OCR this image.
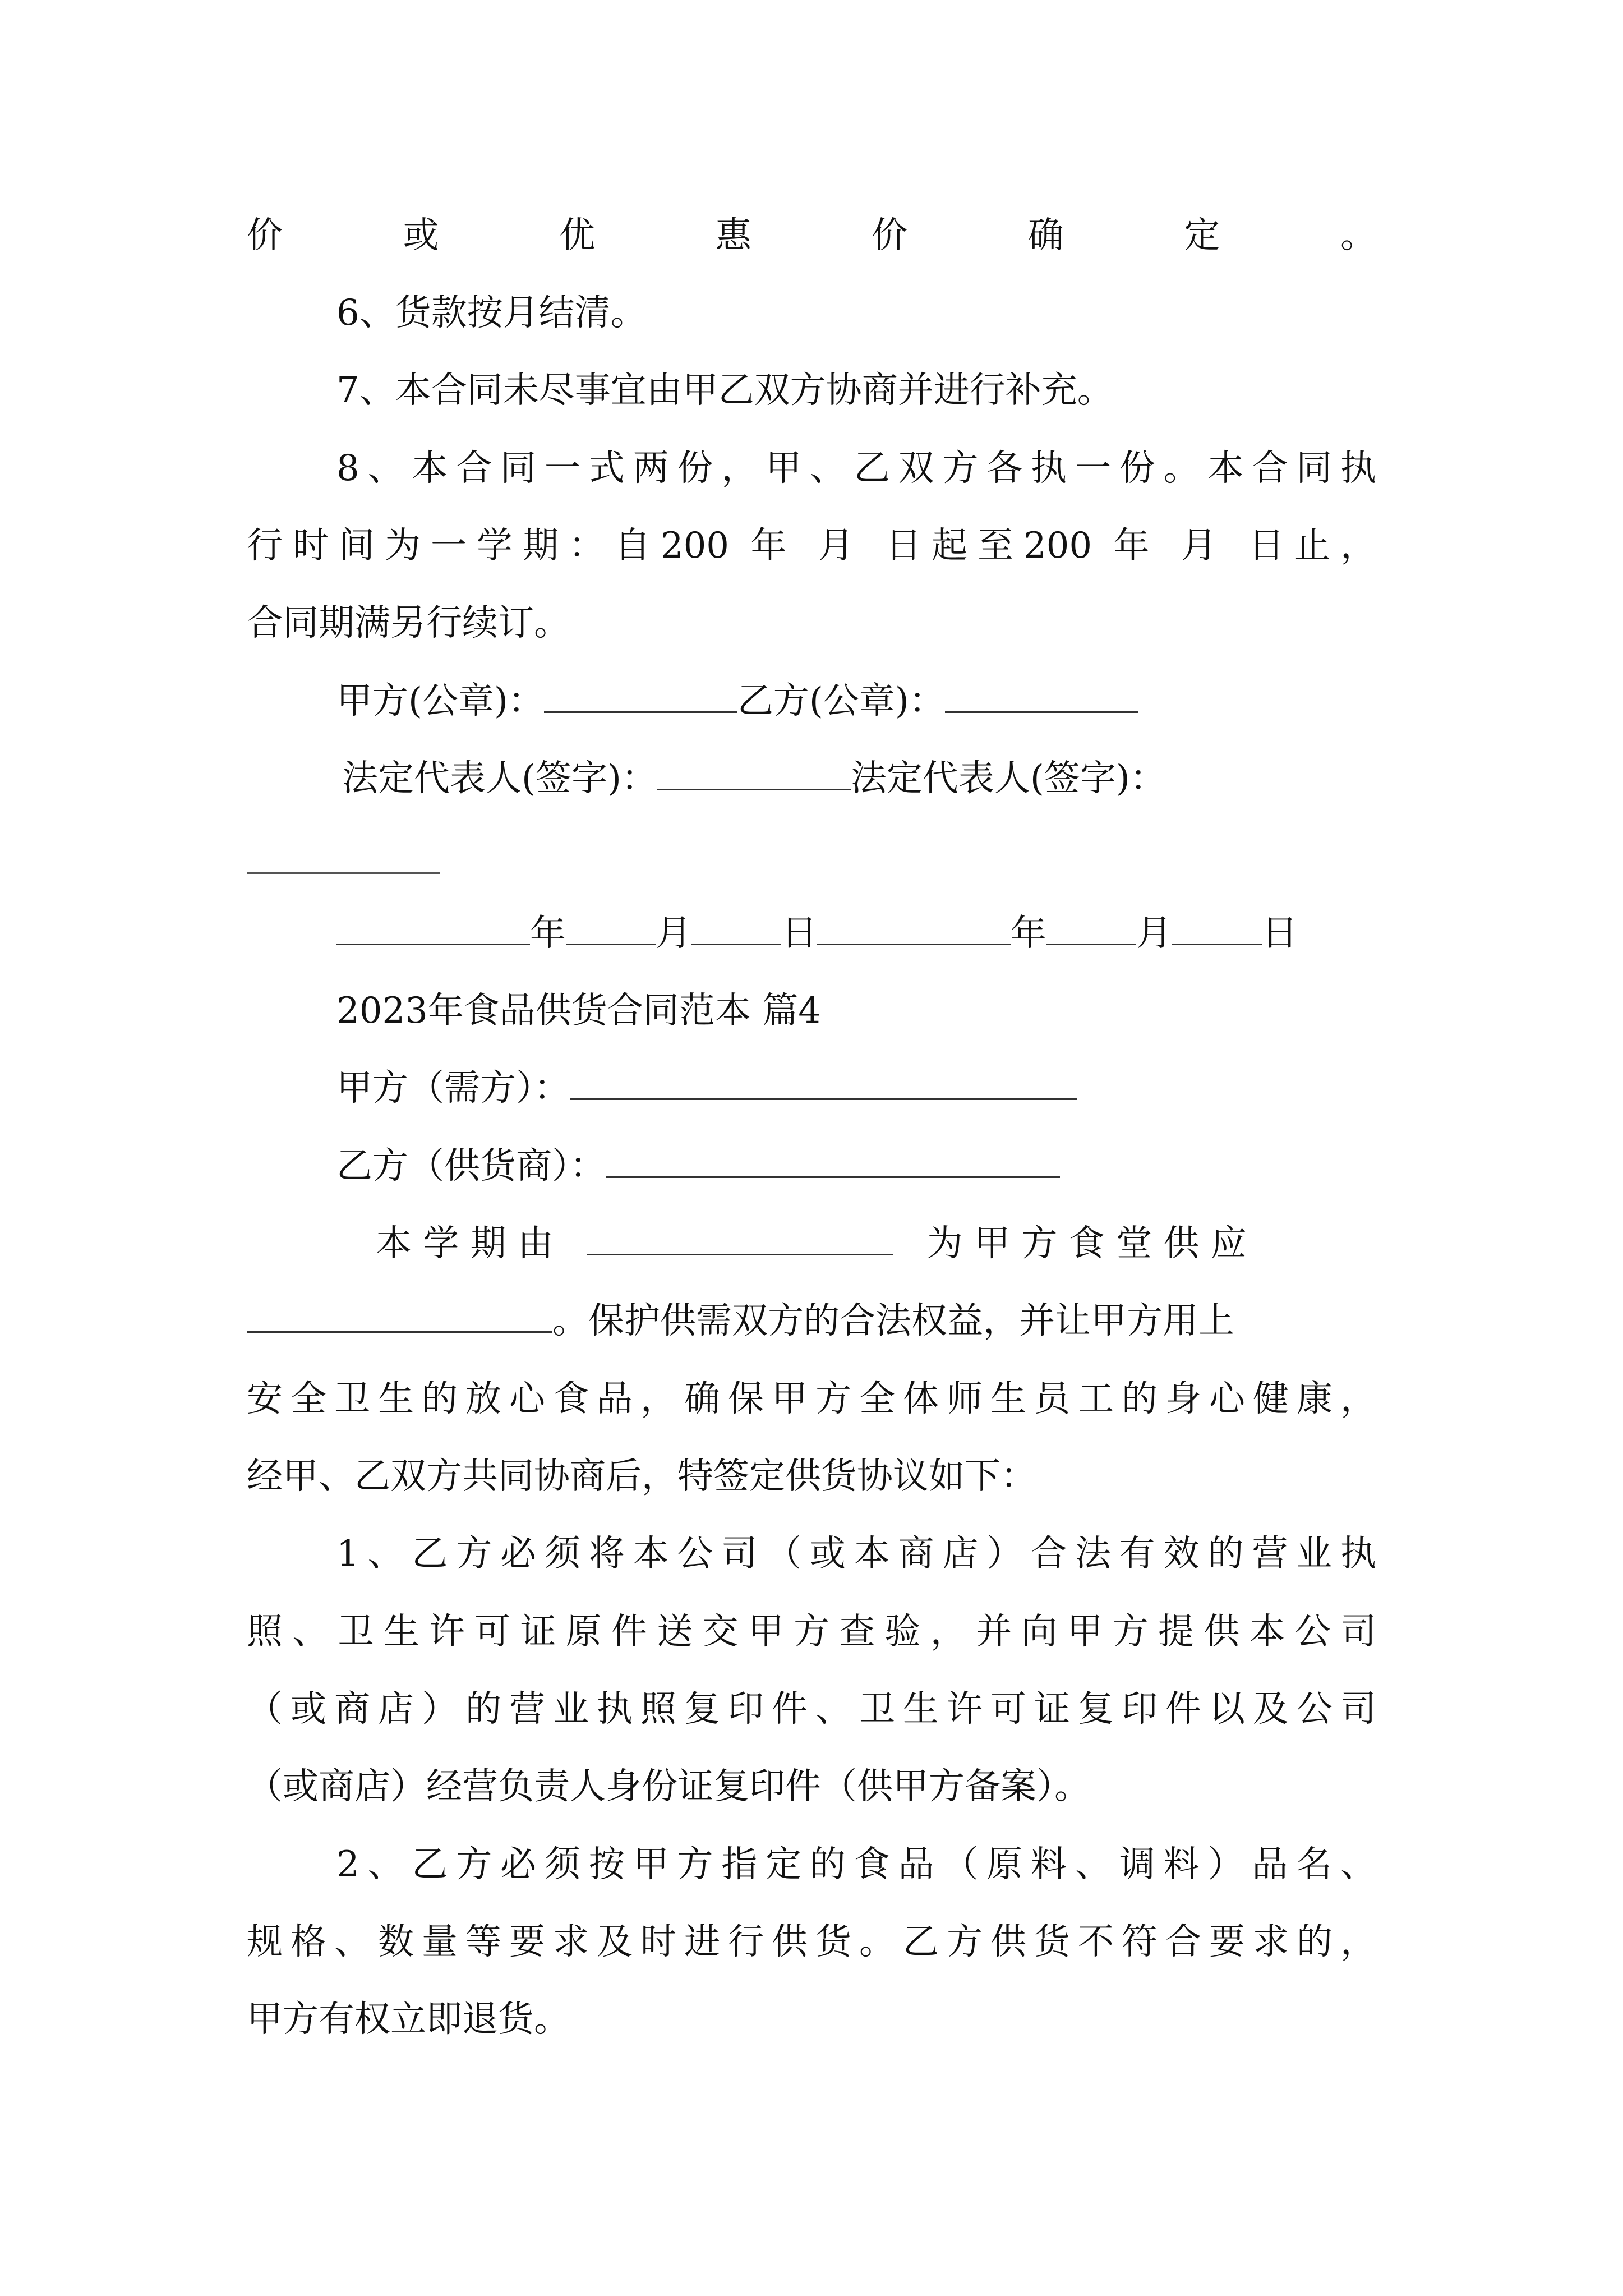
价或优惠价确定。
6、货款按月结清。
7、本合同未尽事宜由甲乙双方协商并进行补充。
8、本合同一式两份，甲、乙双方各执一份。本合同执
行时间为一学期：自200 年 月 日起至200 年 月 日止，
合同期满另行续订。
甲方(公章)：	乙方(公章)：
法定代表人(签字)：	法定代表人(签字)：
年	月	日	年	月	日
2023年食品供货合同范本 篇4
甲方（需方）：
乙方（供货商）：
本 学 期 由	为 甲 方 食 堂 供 应
。保护供需双方的合法权益，并让甲方用上
安全卫生的放心食品，确保甲方全体师生员工的身心健康，
经甲、乙双方共同协商后，特签定供货协议如下：
1、乙方必须将本公司（或本商店）合法有效的营业执
照、卫生许可证原件送交甲方查验，并向甲方提供本公司
（或商店）的营业执照复印件、卫生许可证复印件以及公司
（或商店）经营负责人身份证复印件（供甲方备案）。
2、乙方必须按甲方指定的食品（原料、调料）品名、
规格、数量等要求及时进行供货。乙方供货不符合要求的，
甲方有权立即退货。
